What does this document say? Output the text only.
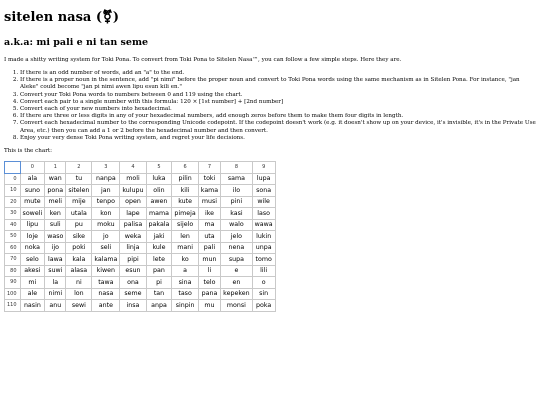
sitelen nasa (⚧)
a.k.a: mi pali e ni tan seme

I made a shitty writing system for Toki Pona. To convert from Toki Pona to Sitelen Nasa™, you can follow a few simple steps. Here they are.

1. If there is an odd number of words, add an "a" to the end.
2. If there is a proper noun in the sentence, add "pi nimi" before the proper noun and convert to Toki Pona words using the same mechanism as in Sitelen Pona. For instance, "jan Aleke" could become "jan pi nimi awen lipu esun kili en."
3. Convert your Toki Pona words to numbers between 0 and 119 using the chart.
4. Convert each pair to a single number with this formula: 120 × [1st number] + [2nd number]
5. Convert each of your new numbers into hexadecimal.
6. If there are three or less digits in any of your hexadecimal numbers, add enough zeros before them to make them four digits in length.
7. Convert each hexadecimal number to the corresponding Unicode codepoint. If the codepoint doesn't work (e.g. it doesn't show up on your device, it's invisible, it's in the Private Use Area, etc.) then you can add a 1 or 2 before the hexadecimal number and then convert.
8. Enjoy your very dense Toki Pona writing system, and regret your life decisions.

This is the chart:

	0	1	2	3	4	5	6	7	8	9
0	ala	wan	tu	nanpa	moli	luka	pilin	toki	sama	lupa
10	suno	pona	sitelen	jan	kulupu	olin	kili	kama	ilo	sona
20	mute	meli	mije	tenpo	open	awen	kute	musi	pini	wile
30	soweli	ken	utala	kon	lape	mama	pimeja	ike	kasi	laso
40	lipu	suli	pu	moku	palisa	pakala	sijelo	ma	walo	wawa
50	loje	waso	sike	jo	weka	jaki	len	uta	jelo	lukin
60	noka	ijo	poki	seli	linja	kule	mani	pali	nena	unpa
70	selo	lawa	kala	kalama	pipi	lete	ko	mun	supa	tomo
80	akesi	suwi	alasa	kiwen	esun	pan	a	li	e	lili
90	mi	la	ni	tawa	ona	pi	sina	telo	en	o
100	ale	nimi	lon	nasa	seme	tan	taso	pana	kepeken	sin
110	nasin	anu	sewi	ante	insa	anpa	sinpin	mu	monsi	poka
